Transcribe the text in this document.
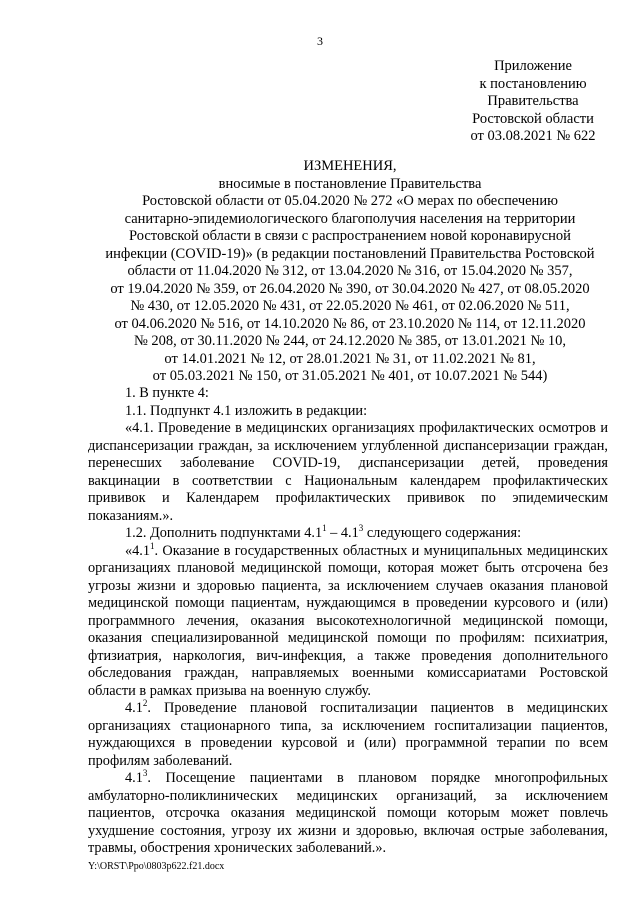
3
Приложение
к постановлению
Правительства
Ростовской области
от 03.08.2021 № 622
ИЗМЕНЕНИЯ,
вносимые в постановление Правительства
Ростовской области от 05.04.2020 № 272 «О мерах по обеспечению
санитарно-эпидемиологического благополучия населения на территории
Ростовской области в связи с распространением новой коронавирусной
инфекции (COVID-19)» (в редакции постановлений Правительства Ростовской
области от 11.04.2020 № 312, от 13.04.2020 № 316, от 15.04.2020 № 357,
от 19.04.2020 № 359, от 26.04.2020 № 390, от 30.04.2020 № 427, от 08.05.2020
№ 430, от 12.05.2020 № 431, от 22.05.2020 № 461, от 02.06.2020 № 511,
от 04.06.2020 № 516, от 14.10.2020 № 86, от 23.10.2020 № 114, от 12.11.2020
№ 208, от 30.11.2020 № 244, от 24.12.2020 № 385, от 13.01.2021 № 10,
от 14.01.2021 № 12, от 28.01.2021 № 31, от 11.02.2021 № 81,
от 05.03.2021 № 150, от 31.05.2021 № 401, от 10.07.2021 № 544)

1. В пункте 4:

1.1. Подпункт 4.1 изложить в редакции:

«4.1. Проведение в медицинских организациях профилактических осмотров и диспансеризации граждан, за исключением углубленной диспансеризации граждан, перенесших заболевание COVID-19, диспансеризации детей, проведения вакцинации в соответствии с Национальным календарем профилактических прививок и Календарем профилактических прививок по эпидемическим показаниям.».

1.2. Дополнить подпунктами $4.1^1 - 4.1^3$ следующего содержания:

«$4.1^1$. Оказание в государственных областных и муниципальных медицинских организациях плановой медицинской помощи, которая может быть отсрочена без угрозы жизни и здоровью пациента, за исключением случаев оказания плановой медицинской помощи пациентам, нуждающимся в проведении курсового и (или) программного лечения, оказания высокотехнологичной медицинской помощи, оказания специализированной медицинской помощи по профилям: психиатрия, фтизиатрия, наркология, вич-инфекция, а также проведения дополнительного обследования граждан, направляемых военными комиссариатами Ростовской области в рамках призыва на военную службу.

$4.1^2$. Проведение плановой госпитализации пациентов в медицинских организациях стационарного типа, за исключением госпитализации пациентов, нуждающихся в проведении курсовой и (или) программной терапии по всем профилям заболеваний.

$4.1^3$. Посещение пациентами в плановом порядке многопрофильных амбулаторно-поликлинических медицинских организаций, за исключением пациентов, отсрочка оказания медицинской помощи которым может повлечь ухудшение состояния, угрозу их жизни и здоровью, включая острые заболевания, травмы, обострения хронических заболеваний.».

Y:\ORST\Ppo\0803p622.f21.docx
